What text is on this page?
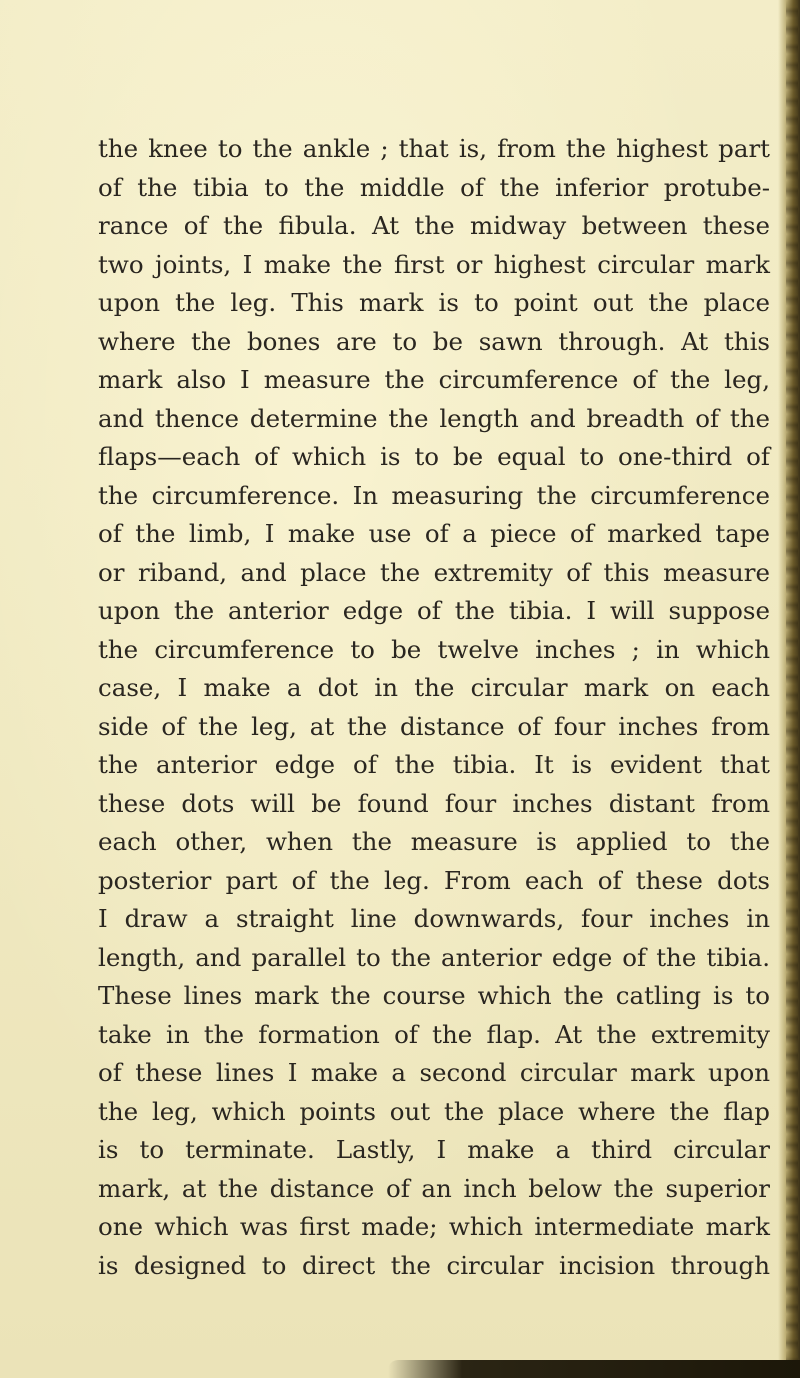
the knee to the ankle ; that is, from the highest part
of the tibia to the middle of the inferior protube-
rance of the fibula. At the midway between these
two joints, I make the first or highest circular mark
upon the leg. This mark is to point out the place
where the bones are to be sawn through. At this
mark also I measure the circumference of the leg,
and thence determine the length and breadth of the
flaps—each of which is to be equal to one-third of
the circumference. In measuring the circumference
of the limb, I make use of a piece of marked tape
or riband, and place the extremity of this measure
upon the anterior edge of the tibia. I will suppose
the circumference to be twelve inches ; in which
case, I make a dot in the circular mark on each
side of the leg, at the distance of four inches from
the anterior edge of the tibia. It is evident that
these dots will be found four inches distant from
each other, when the measure is applied to the
posterior part of the leg. From each of these dots
I draw a straight line downwards, four inches in
length, and parallel to the anterior edge of the tibia.
These lines mark the course which the catling is to
take in the formation of the flap. At the extremity
of these lines I make a second circular mark upon
the leg, which points out the place where the flap
is to terminate. Lastly, I make a third circular
mark, at the distance of an inch below the superior
one which was first made; which intermediate mark
is designed to direct the circular incision through
